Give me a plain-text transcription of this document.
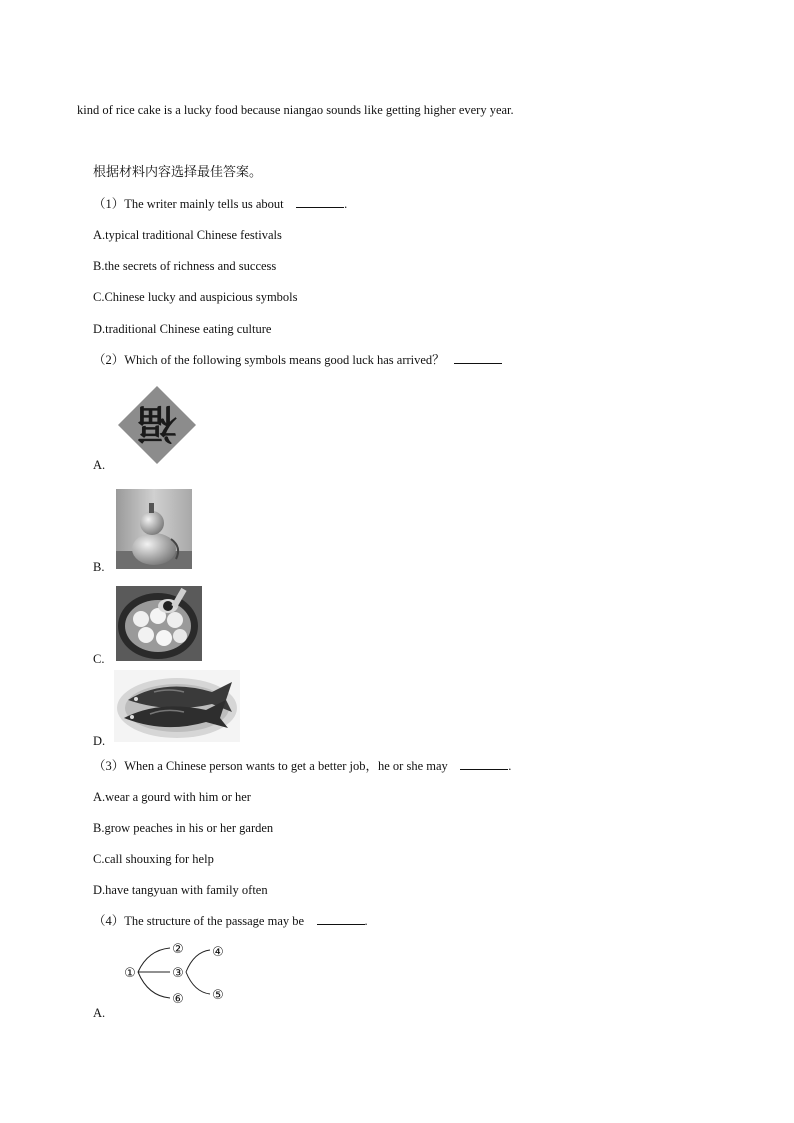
kind of rice cake is a lucky food because niangao sounds like getting higher every year.
根据材料内容选择最佳答案。
（1）The writer mainly tells us about	.
A.typical traditional Chinese festivals
B.the secrets of richness and success
C.Chinese lucky and auspicious symbols
D.traditional Chinese eating culture
（2）Which of the following symbols means good luck has arrived？
福
A.
B.
C.
D.
（3）When a Chinese person wants to get a better job，he or she may	.
A.wear a gourd with him or her
B.grow peaches in his or her garden
C.call shouxing for help
D.have tangyuan with family often
（4）The structure of the passage may be	.
①
②
③
④
⑤
⑥
A.
